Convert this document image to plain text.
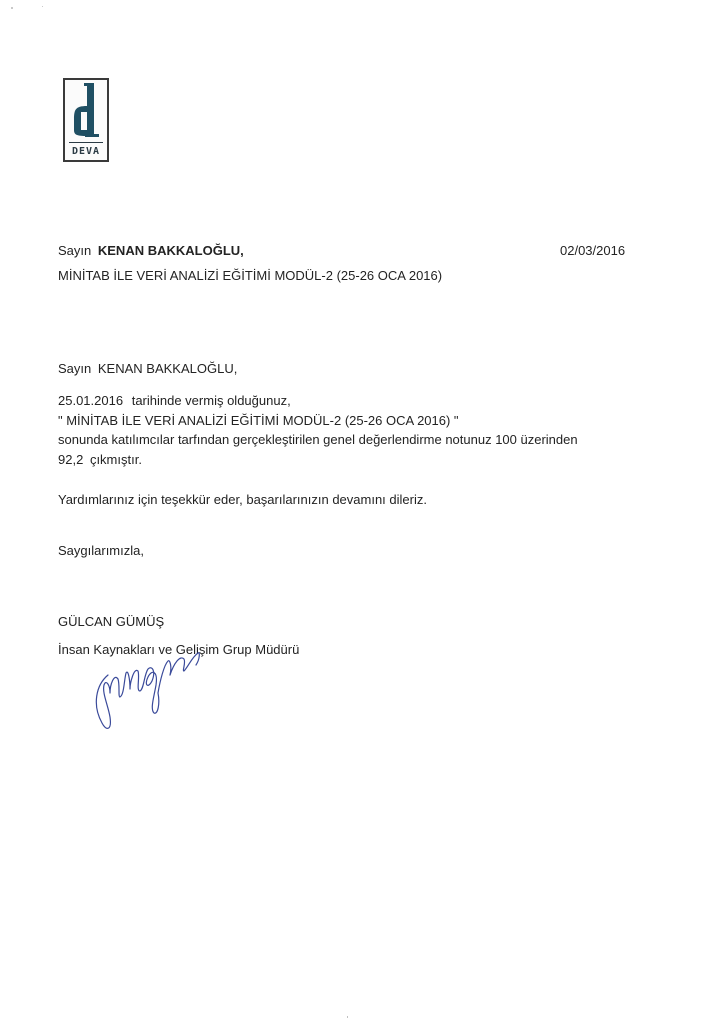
DEVA
Sayın KENAN BAKKALOĞLU,
MİNİTAB İLE VERİ ANALİZİ EĞİTİMİ MODÜL-2 (25-26 OCA 2016)
02/03/2016
Sayın KENAN BAKKALOĞLU,
25.01.2016 tarihinde vermiş olduğunuz,
" MİNİTAB İLE VERİ ANALİZİ EĞİTİMİ MODÜL-2 (25-26 OCA 2016) "
sonunda katılımcılar tarfından gerçekleştirilen genel değerlendirme notunuz 100 üzerinden
92,2 çıkmıştır.
Yardımlarınız için teşekkür eder, başarılarınızın devamını dileriz.
Saygılarımızla,
GÜLCAN GÜMÜŞ
İnsan Kaynakları ve Gelişim Grup Müdürü
